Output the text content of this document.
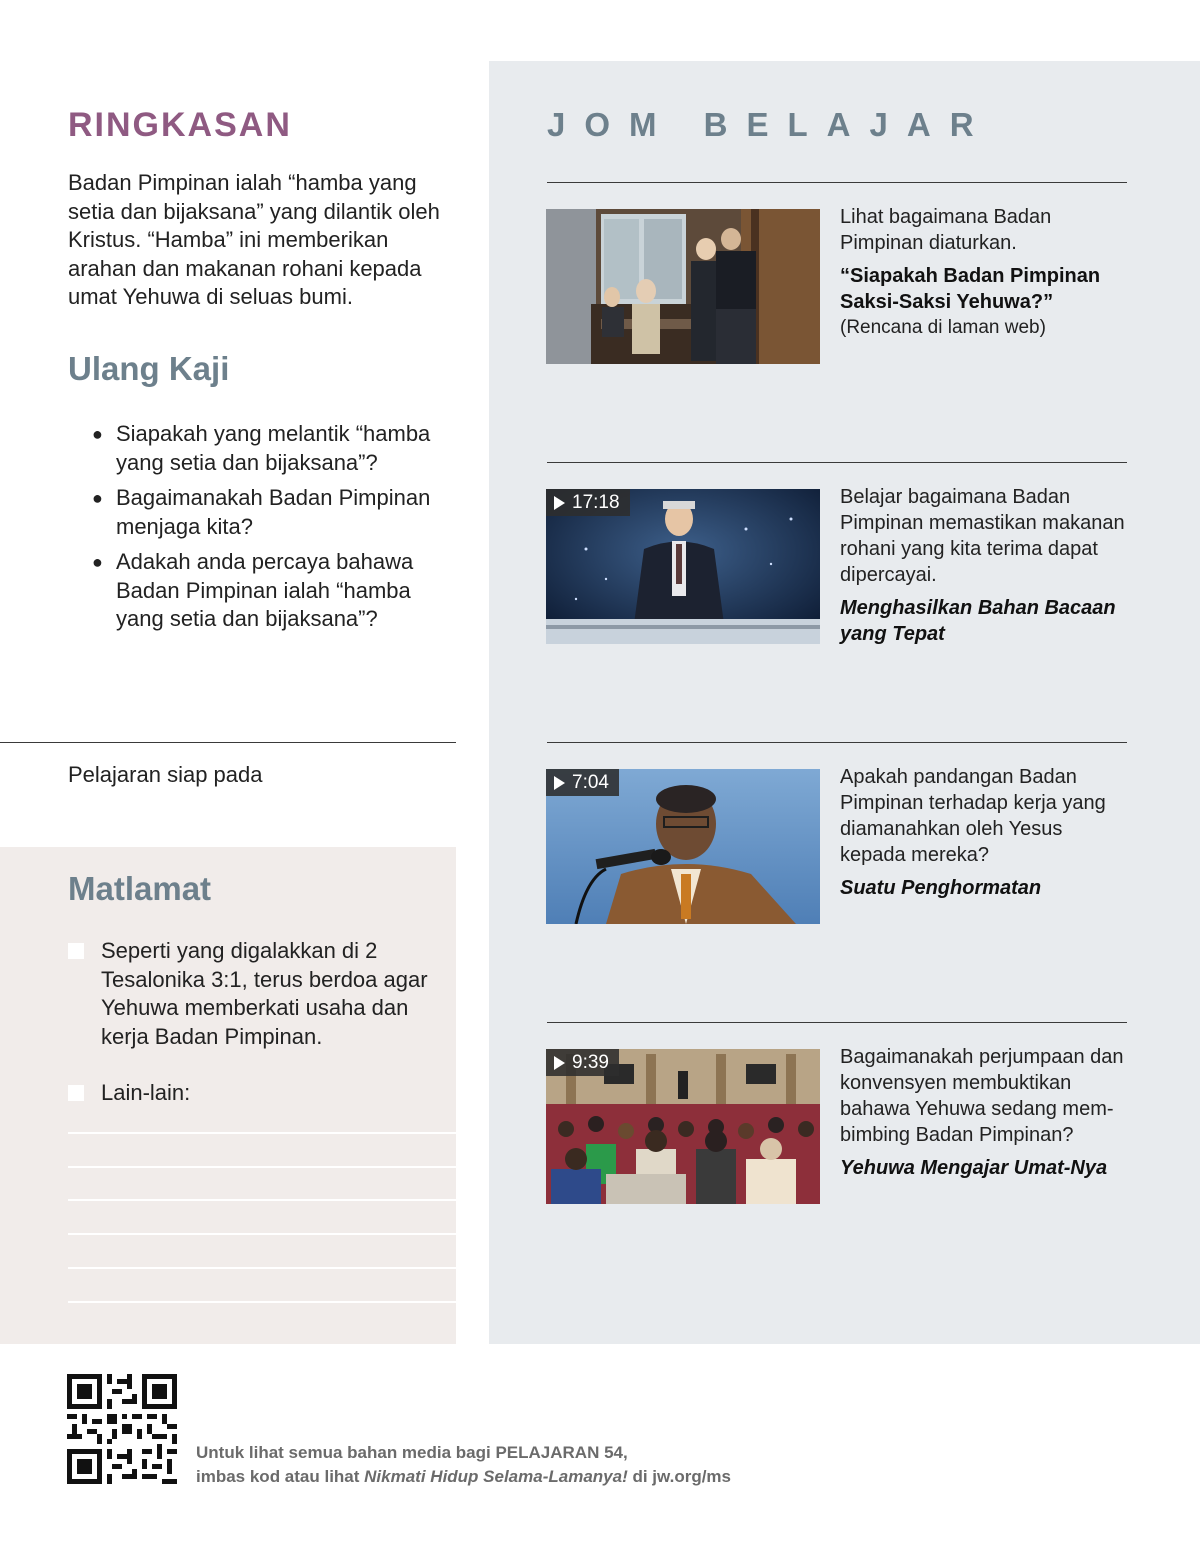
RINGKASAN

Badan Pimpinan ialah “hamba yang setia dan bijaksana” yang dilantik oleh Kristus. “Hamba” ini memberikan arahan dan makanan rohani kepada umat Yehuwa di seluas bumi.

Ulang Kaji
● Siapakah yang melantik “hamba yang setia dan bijaksana”?
● Bagaimanakah Badan Pimpinan menjaga kita?
● Adakah anda percaya bahawa Badan Pimpinan ialah “hamba yang setia dan bijaksana”?
Pelajaran siap pada
Matlamat
Seperti yang digalakkan di 2 Tesalonika 3:1, terus berdoa agar Yehuwa memberkati usaha dan kerja Badan Pimpinan.
Lain-lain:
JOM BELAJAR
Lihat bagaimana Badan Pimpinan diaturkan.
“Siapakah Badan Pimpinan Saksi-Saksi Yehuwa?”
(Rencana di laman web)
17:18	Belajar bagaimana Badan Pimpinan memastikan makanan rohani yang kita terima dapat dipercayai.
Menghasilkan Bahan Bacaan yang Tepat
7:04	Apakah pandangan Badan Pimpinan terhadap kerja yang diamanahkan oleh Yesus kepada mereka?
Suatu Penghormatan
9:39	Bagaimanakah perjumpaan dan konvensyen membuktikan bahawa Yehuwa sedang membimbing Badan Pimpinan?
Yehuwa Mengajar Umat-Nya
Untuk lihat semua bahan media bagi PELAJARAN 54,
imbas kod atau lihat Nikmati Hidup Selama-Lamanya! di jw.org/ms
